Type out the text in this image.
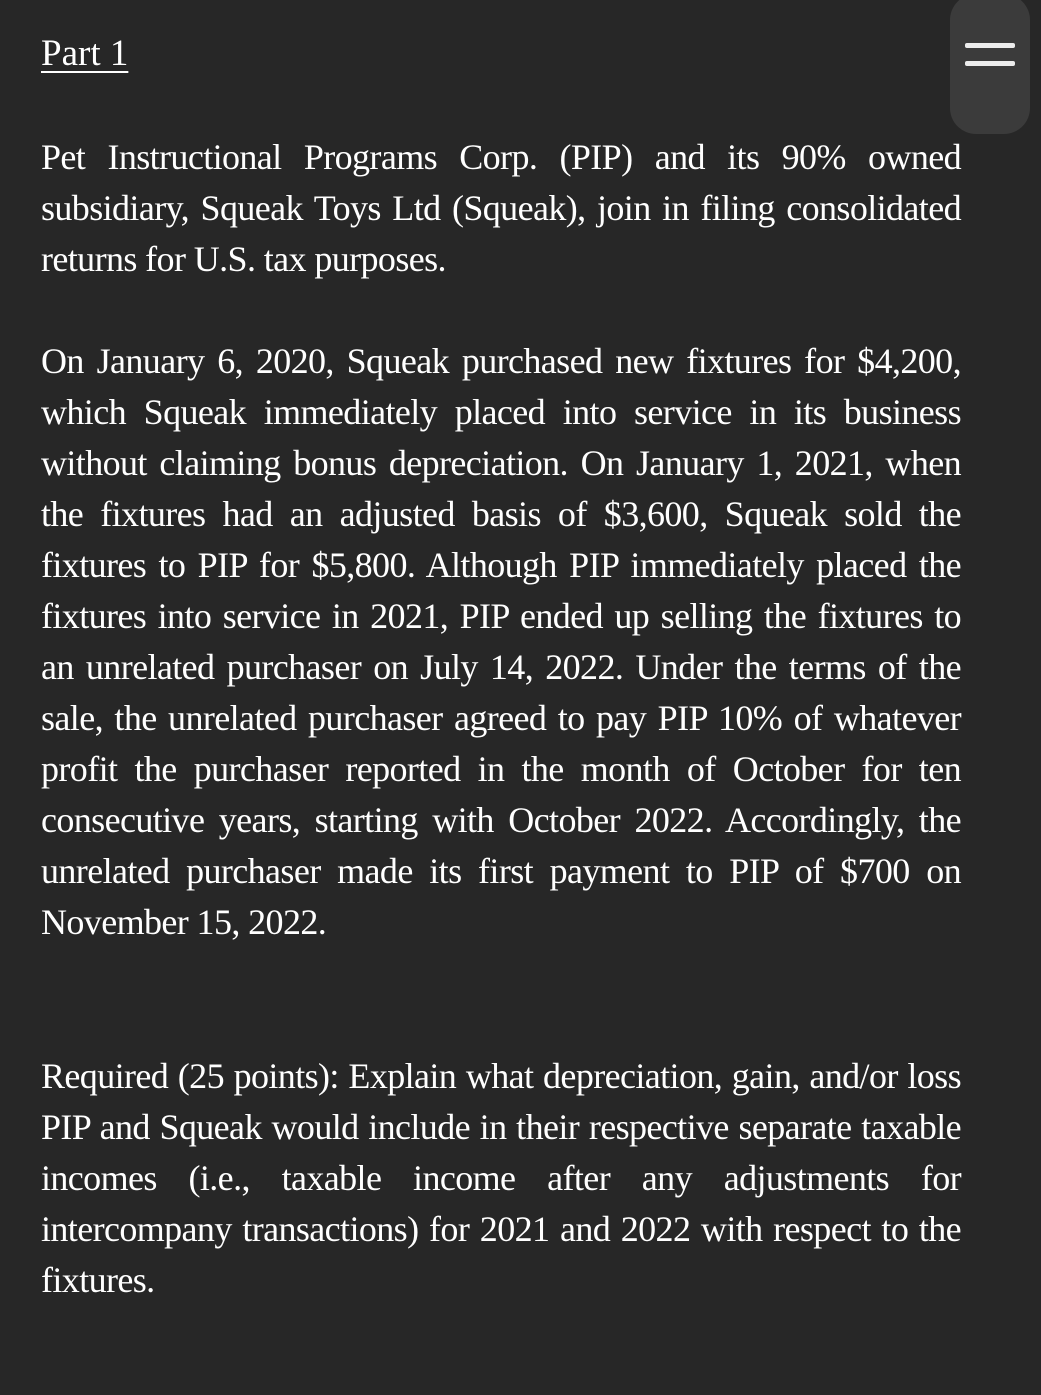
Part 1

Pet Instructional Programs Corp. (PIP) and its 90% owned subsidiary, Squeak Toys Ltd (Squeak), join in filing consolidated returns for U.S. tax purposes.

On January 6, 2020, Squeak purchased new fixtures for $4,200, which Squeak immediately placed into service in its business without claiming bonus depreciation. On January 1, 2021, when the fixtures had an adjusted basis of $3,600, Squeak sold the fixtures to PIP for $5,800. Although PIP immediately placed the fixtures into service in 2021, PIP ended up selling the fixtures to an unrelated purchaser on July 14, 2022. Under the terms of the sale, the unrelated purchaser agreed to pay PIP 10% of whatever profit the purchaser reported in the month of October for ten consecutive years, starting with October 2022. Accordingly, the unrelated purchaser made its first payment to PIP of $700 on November 15, 2022.

Required (25 points): Explain what depreciation, gain, and/or loss PIP and Squeak would include in their respective separate taxable incomes (i.e., taxable income after any adjustments for intercompany transactions) for 2021 and 2022 with respect to the fixtures.
